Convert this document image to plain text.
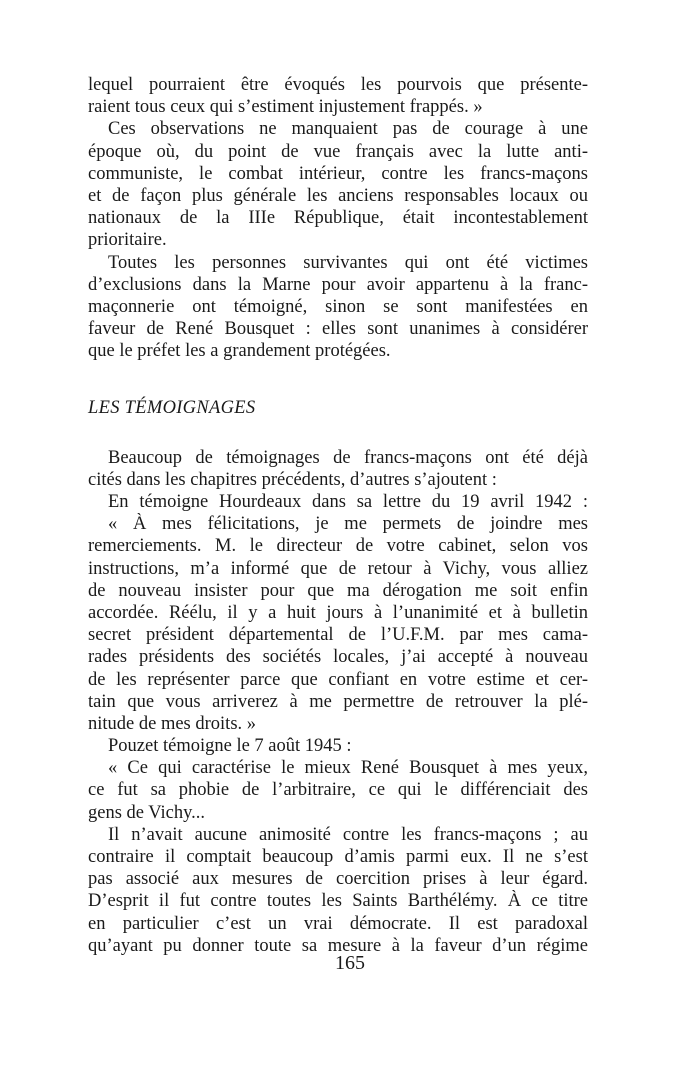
lequel pourraient être évoqués les pourvois que présente-
raient tous ceux qui s’estiment injustement frappés. »
Ces observations ne manquaient pas de courage à une
époque où, du point de vue français avec la lutte anti-
communiste, le combat intérieur, contre les francs-maçons
et de façon plus générale les anciens responsables locaux ou
nationaux de la IIIe République, était incontestablement
prioritaire.
Toutes les personnes survivantes qui ont été victimes
d’exclusions dans la Marne pour avoir appartenu à la franc-
maçonnerie ont témoigné, sinon se sont manifestées en
faveur de René Bousquet : elles sont unanimes à considérer
que le préfet les a grandement protégées.
LES TÉMOIGNAGES
Beaucoup de témoignages de francs-maçons ont été déjà
cités dans les chapitres précédents, d’autres s’ajoutent :
En témoigne Hourdeaux dans sa lettre du 19 avril 1942 :
« À mes félicitations, je me permets de joindre mes
remerciements. M. le directeur de votre cabinet, selon vos
instructions, m’a informé que de retour à Vichy, vous alliez
de nouveau insister pour que ma dérogation me soit enfin
accordée. Réélu, il y a huit jours à l’unanimité et à bulletin
secret président départemental de l’U.F.M. par mes cama-
rades présidents des sociétés locales, j’ai accepté à nouveau
de les représenter parce que confiant en votre estime et cer-
tain que vous arriverez à me permettre de retrouver la plé-
nitude de mes droits. »
Pouzet témoigne le 7 août 1945 :
« Ce qui caractérise le mieux René Bousquet à mes yeux,
ce fut sa phobie de l’arbitraire, ce qui le différenciait des
gens de Vichy...
Il n’avait aucune animosité contre les francs-maçons ; au
contraire il comptait beaucoup d’amis parmi eux. Il ne s’est
pas associé aux mesures de coercition prises à leur égard.
D’esprit il fut contre toutes les Saints Barthélémy. À ce titre
en particulier c’est un vrai démocrate. Il est paradoxal
qu’ayant pu donner toute sa mesure à la faveur d’un régime
165
